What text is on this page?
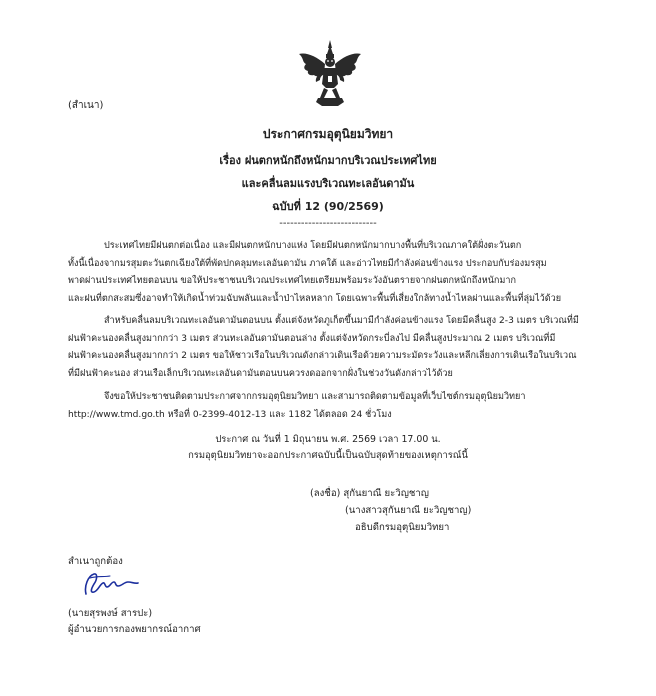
(สำเนา)
ประกาศกรมอุตุนิยมวิทยา
เรื่อง ฝนตกหนักถึงหนักมากบริเวณประเทศไทย
และคลื่นลมแรงบริเวณทะเลอันดามัน
ฉบับที่ 12 (90/2569)
---------------------------
ประเทศไทยมีฝนตกต่อเนื่อง และมีฝนตกหนักบางแห่ง โดยมีฝนตกหนักมากบางพื้นที่บริเวณภาคใต้ฝั่งตะวันตก
ทั้งนี้เนื่องจากมรสุมตะวันตกเฉียงใต้ที่พัดปกคลุมทะเลอันดามัน ภาคใต้ และอ่าวไทยมีกำลังค่อนข้างแรง ประกอบกับร่องมรสุม
พาดผ่านประเทศไทยตอนบน ขอให้ประชาชนบริเวณประเทศไทยเตรียมพร้อมระวังอันตรายจากฝนตกหนักถึงหนักมาก
และฝนที่ตกสะสมซึ่งอาจทำให้เกิดน้ำท่วมฉับพลันและน้ำป่าไหลหลาก โดยเฉพาะพื้นที่เสี่ยงใกล้ทางน้ำไหลผ่านและพื้นที่ลุ่มไว้ด้วย
สำหรับคลื่นลมบริเวณทะเลอันดามันตอนบน ตั้งแต่จังหวัดภูเก็ตขึ้นมามีกำลังค่อนข้างแรง โดยมีคลื่นสูง 2-3 เมตร บริเวณที่มี
ฝนฟ้าคะนองคลื่นสูงมากกว่า 3 เมตร ส่วนทะเลอันดามันตอนล่าง ตั้งแต่จังหวัดกระบี่ลงไป มีคลื่นสูงประมาณ 2 เมตร บริเวณที่มี
ฝนฟ้าคะนองคลื่นสูงมากกว่า 2 เมตร ขอให้ชาวเรือในบริเวณดังกล่าวเดินเรือด้วยความระมัดระวังและหลีกเลี่ยงการเดินเรือในบริเวณ
ที่มีฝนฟ้าคะนอง ส่วนเรือเล็กบริเวณทะเลอันดามันตอนบนควรงดออกจากฝั่งในช่วงวันดังกล่าวไว้ด้วย
จึงขอให้ประชาชนติดตามประกาศจากกรมอุตุนิยมวิทยา และสามารถติดตามข้อมูลที่เว็บไซต์กรมอุตุนิยมวิทยา
http://www.tmd.go.th หรือที่ 0-2399-4012-13 และ 1182 ได้ตลอด 24 ชั่วโมง
ประกาศ ณ วันที่ 1 มิถุนายน พ.ศ. 2569 เวลา 17.00 น.
กรมอุตุนิยมวิทยาจะออกประกาศฉบับนี้เป็นฉบับสุดท้ายของเหตุการณ์นี้
(ลงชื่อ) สุกันยาณี ยะวิญชาญ
(นางสาวสุกันยาณี ยะวิญชาญ)
อธิบดีกรมอุตุนิยมวิทยา
สำเนาถูกต้อง
(นายสุรพงษ์ สารปะ)
ผู้อำนวยการกองพยากรณ์อากาศ
